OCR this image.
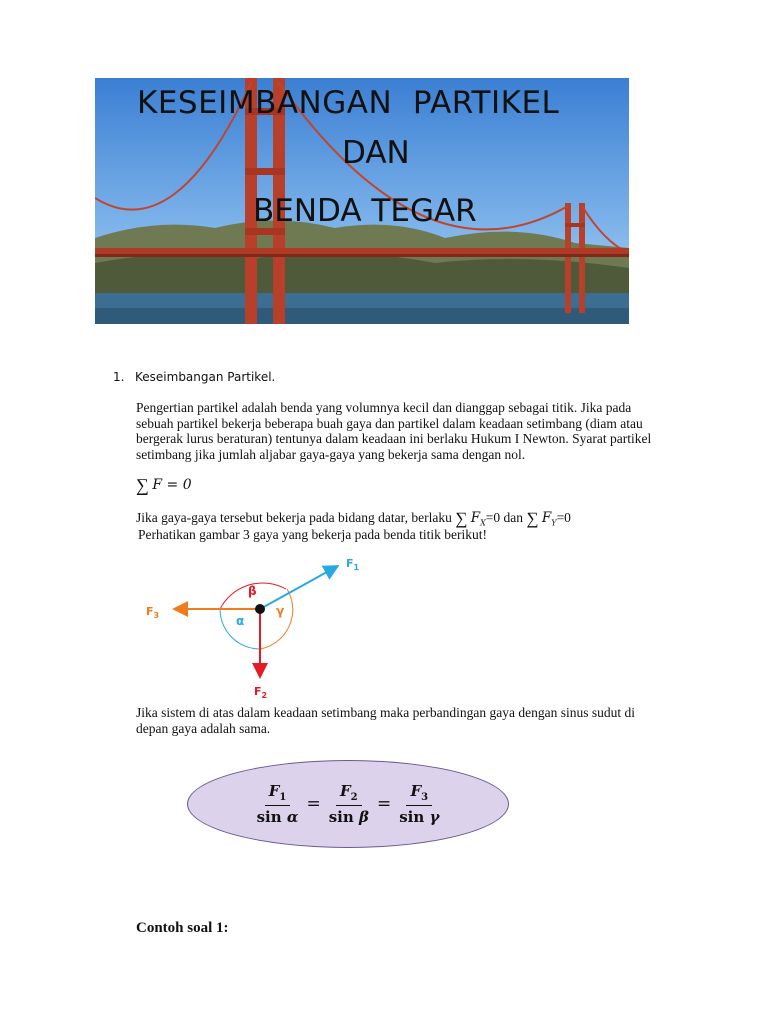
KESEIMBANGAN  PARTIKEL
DAN
BENDA TEGAR
1. Keseimbangan Partikel.
Pengertian partikel adalah benda yang volumnya kecil dan dianggap sebagai titik. Jika pada sebuah partikel bekerja beberapa buah gaya dan partikel dalam keadaan setimbang (diam atau bergerak lurus beraturan) tentunya dalam keadaan ini berlaku Hukum I Newton. Syarat partikel setimbang jika jumlah aljabar gaya-gaya yang bekerja sama dengan nol.
∑ F = 0
Jika gaya-gaya tersebut bekerja pada bidang datar, berlaku ∑ $F_X=0$ dan ∑ $F_Y=0$
Perhatikan gambar 3 gaya yang bekerja pada benda titik berikut!
$F_1$
$F_2$
$F_3$
β
α
γ
Jika sistem di atas dalam keadaan setimbang maka perbandingan gaya dengan sinus sudut di depan gaya adalah sama.
$\frac{F_1}{\text{sin α}} = \frac{F_2}{\text{sin β}} = \frac{F_3}{\text{sin γ}}$
Contoh soal 1:
